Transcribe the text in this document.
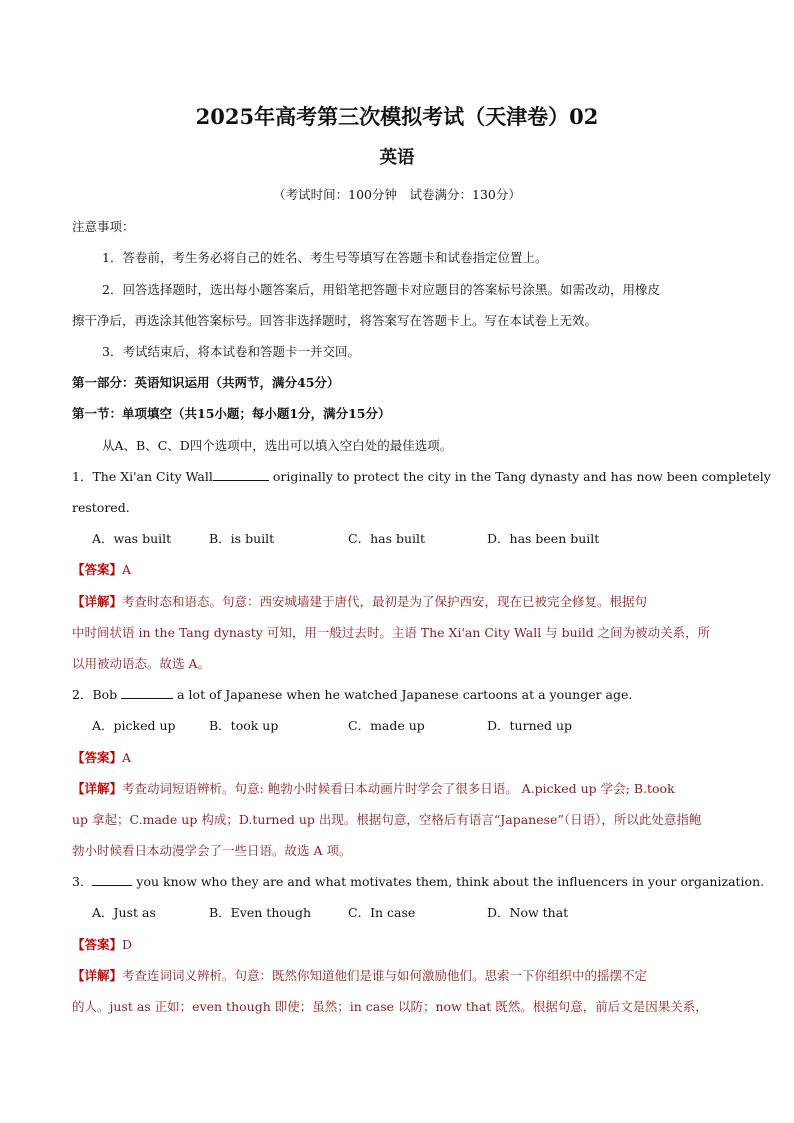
2025年高考第三次模拟考试（天津卷）02
英语
（考试时间：100分钟　试卷满分：130分）
注意事项：
1．答卷前，考生务必将自己的姓名、考生号等填写在答题卡和试卷指定位置上。
2．回答选择题时，选出每小题答案后，用铅笔把答题卡对应题目的答案标号涂黑。如需改动，用橡皮
擦干净后，再选涂其他答案标号。回答非选择题时，将答案写在答题卡上。写在本试卷上无效。
3．考试结束后，将本试卷和答题卡一并交回。
第一部分：英语知识运用（共两节，满分45分）
第一节：单项填空（共15小题；每小题1分，满分15分）
从A、B、C、D四个选项中，选出可以填入空白处的最佳选项。
1．The Xi'an City Wall	originally to protect the city in the Tang dynasty and has now been completely
restored.
A．was built	B．is built	C．has built	D．has been built
【答案】A
【详解】考查时态和语态。句意：西安城墙建于唐代，最初是为了保护西安，现在已被完全修复。根据句
中时间状语 in the Tang dynasty 可知，用一般过去时。主语 The Xi'an City Wall 与 build 之间为被动关系，所
以用被动语态。故选 A。
2．Bob	a lot of Japanese when he watched Japanese cartoons at a younger age.
A．picked up	B．took up	C．made up	D．turned up
【答案】A
【详解】考查动词短语辨析。句意: 鲍勃小时候看日本动画片时学会了很多日语。 A.picked up 学会; B.took
up 拿起；C.made up 构成；D.turned up 出现。根据句意，空格后有语言“Japanese”（日语），所以此处意指鲍
勃小时候看日本动漫学会了一些日语。故选 A 项。
3．	you know who they are and what motivates them, think about the influencers in your organization.
A．Just as	B．Even though	C．In case	D．Now that
【答案】D
【详解】考查连词词义辨析。句意：既然你知道他们是谁与如何激励他们。思索一下你组织中的摇摆不定
的人。just as 正如；even though 即使；虽然；in case 以防；now that 既然。根据句意，前后文是因果关系，
